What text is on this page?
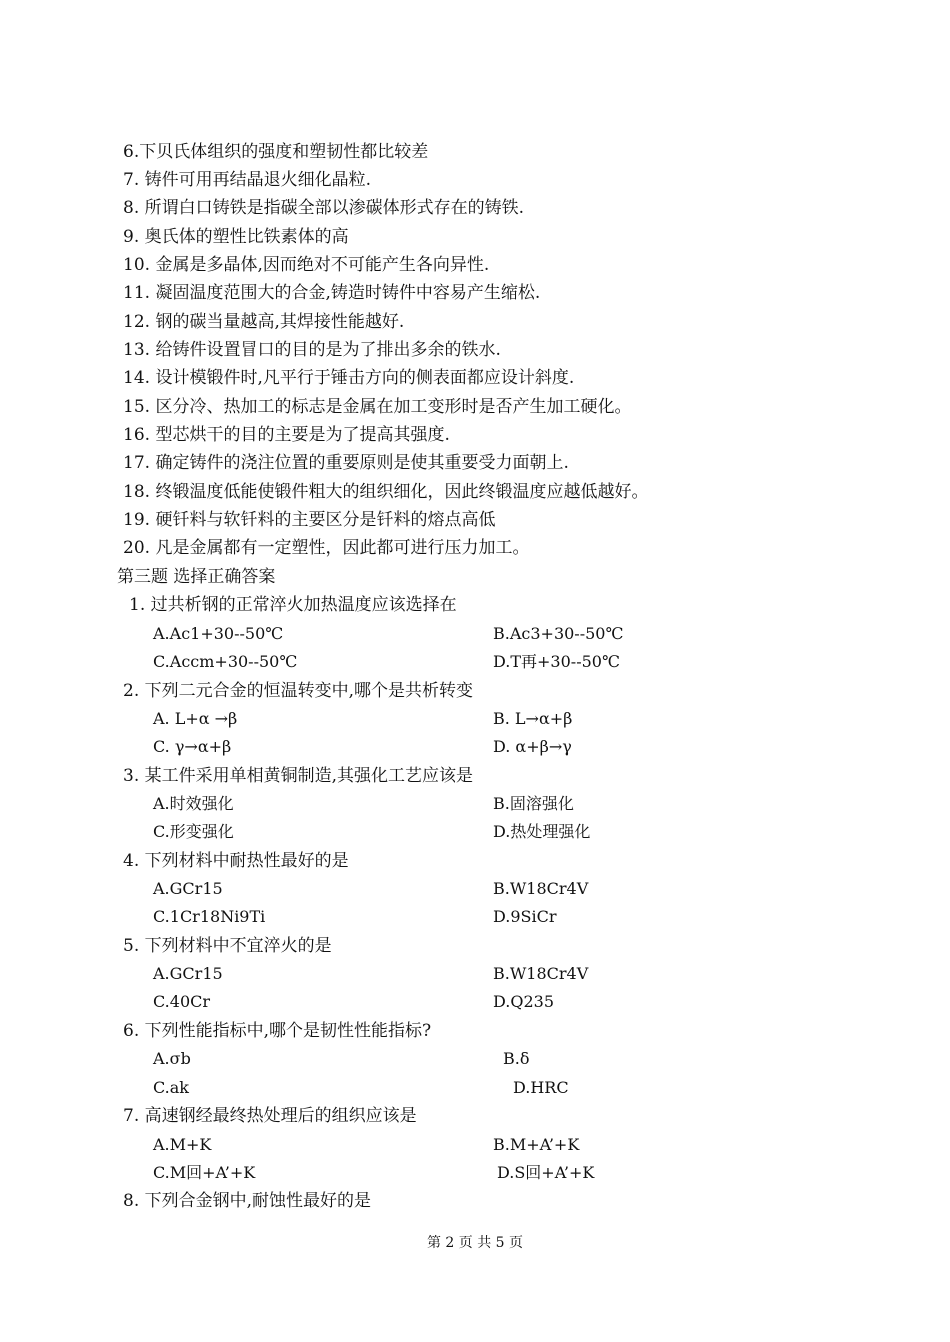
6.下贝氏体组织的强度和塑韧性都比较差
7. 铸件可用再结晶退火细化晶粒.
8. 所谓白口铸铁是指碳全部以渗碳体形式存在的铸铁.
9. 奥氏体的塑性比铁素体的高
10. 金属是多晶体,因而绝对不可能产生各向异性.
11. 凝固温度范围大的合金,铸造时铸件中容易产生缩松.
12. 钢的碳当量越高,其焊接性能越好.
13. 给铸件设置冒口的目的是为了排出多余的铁水.
14. 设计模锻件时,凡平行于锤击方向的侧表面都应设计斜度.
15. 区分冷、热加工的标志是金属在加工变形时是否产生加工硬化。
16. 型芯烘干的目的主要是为了提高其强度.
17. 确定铸件的浇注位置的重要原则是使其重要受力面朝上.
18. 终锻温度低能使锻件粗大的组织细化，因此终锻温度应越低越好。
19. 硬钎料与软钎料的主要区分是钎料的熔点高低
20. 凡是金属都有一定塑性，因此都可进行压力加工。
第三题 选择正确答案
1. 过共析钢的正常淬火加热温度应该选择在
A.Ac1+30--50℃	B.Ac3+30--50℃
C.Accm+30--50℃	D.T再+30--50℃
2. 下列二元合金的恒温转变中,哪个是共析转变
A. L+α →β	B. L→α+β
C. γ→α+β	D. α+β→γ
3. 某工件采用单相黄铜制造,其强化工艺应该是
A.时效强化	B.固溶强化
C.形变强化	D.热处理强化
4. 下列材料中耐热性最好的是
A.GCr15	B.W18Cr4V
C.1Cr18Ni9Ti	D.9SiCr
5. 下列材料中不宜淬火的是
A.GCr15	B.W18Cr4V
C.40Cr	D.Q235
6. 下列性能指标中,哪个是韧性性能指标?
A.σb	B.δ
C.ak	D.HRC
7. 高速钢经最终热处理后的组织应该是
A.M+K	B.M+A’+K
C.M回+A’+K	D.S回+A’+K
8. 下列合金钢中,耐蚀性最好的是
第 2 页 共 5 页
